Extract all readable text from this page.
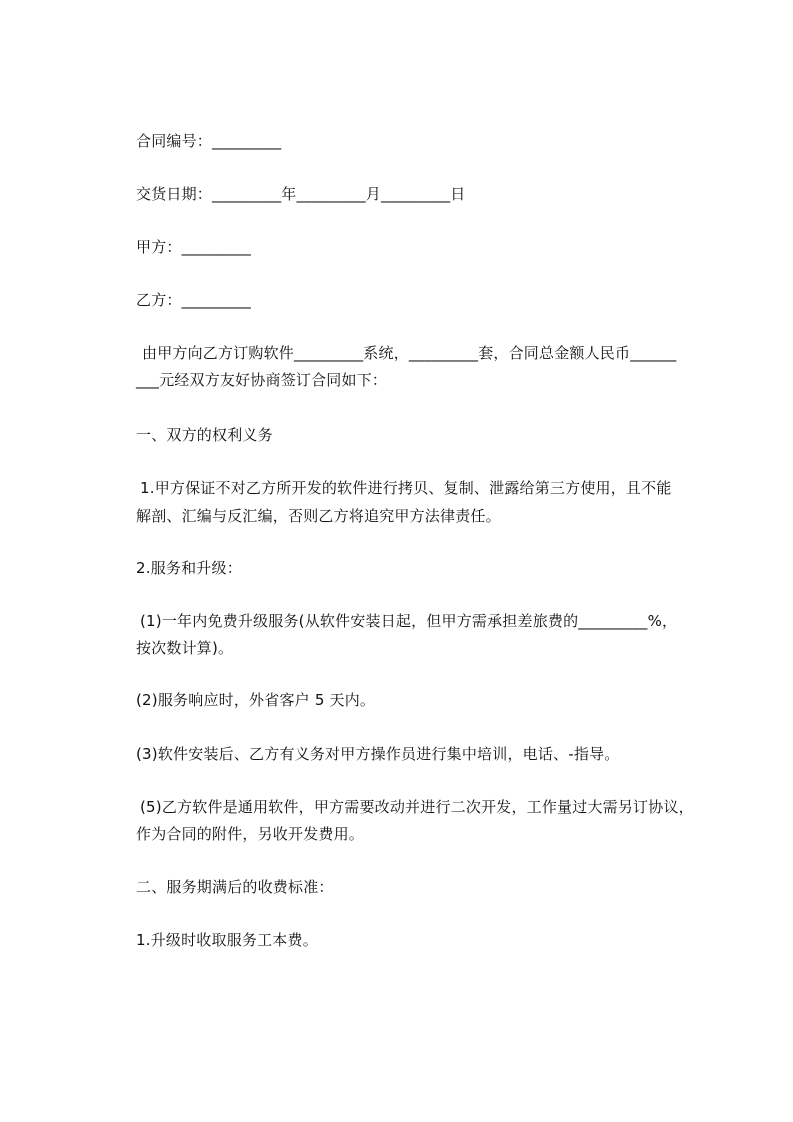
合同编号：_________
交货日期：_________年_________月_________日
甲方：_________
乙方：_________
由甲方向乙方订购软件_________系统，_________套，合同总金额人民币______
___元经双方友好协商签订合同如下：
一、双方的权利义务
1.甲方保证不对乙方所开发的软件进行拷贝、复制、泄露给第三方使用，且不能
解剖、汇编与反汇编，否则乙方将追究甲方法律责任。
2.服务和升级：
(1)一年内免费升级服务(从软件安装日起，但甲方需承担差旅费的_________%，
按次数计算)。
(2)服务响应时，外省客户 5 天内。
(3)软件安装后、乙方有义务对甲方操作员进行集中培训，电话、-指导。
(5)乙方软件是通用软件，甲方需要改动并进行二次开发，工作量过大需另订协议，
作为合同的附件，另收开发费用。
二、服务期满后的收费标准：
1.升级时收取服务工本费。
